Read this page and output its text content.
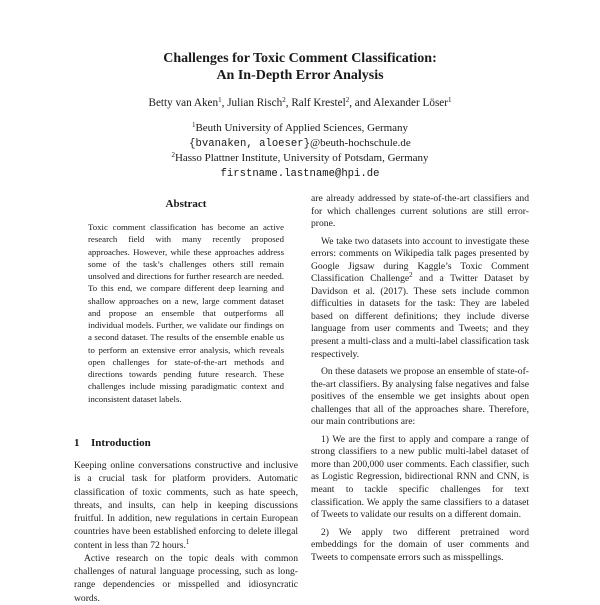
Challenges for Toxic Comment Classification:
An In-Depth Error Analysis
Betty van Aken$^1$, Julian Risch$^2$, Ralf Krestel$^2$, and Alexander Löser$^1$
$^1$Beuth University of Applied Sciences, Germany
{bvanaken, aloeser}@beuth-hochschule.de
$^2$Hasso Plattner Institute, University of Potsdam, Germany
firstname.lastname@hpi.de
Abstract

Toxic comment classification has become an active research field with many recently proposed approaches. However, while these approaches address some of the task’s challenges others still remain unsolved and directions for further research are needed. To this end, we compare different deep learning and shallow approaches on a new, large comment dataset and propose an ensemble that outperforms all individual models. Further, we validate our findings on a second dataset. The results of the ensemble enable us to perform an extensive error analysis, which reveals open challenges for state-of-the-art methods and directions towards pending future research. These challenges include missing paradigmatic context and inconsistent dataset labels.

1 Introduction

Keeping online conversations constructive and inclusive is a crucial task for platform providers. Automatic classification of toxic comments, such as hate speech, threats, and insults, can help in keeping discussions fruitful. In addition, new regulations in certain European countries have been established enforcing to delete illegal content in less than 72 hours.$^1$

Active research on the topic deals with common challenges of natural language processing, such as long-range dependencies or misspelled and idiosyncratic words.

are already addressed by state-of-the-art classifiers and for which challenges current solutions are still error-prone.

We take two datasets into account to investigate these errors: comments on Wikipedia talk pages presented by Google Jigsaw during Kaggle’s Toxic Comment Classification Challenge$^2$ and a Twitter Dataset by Davidson et al. (2017). These sets include common difficulties in datasets for the task: They are labeled based on different definitions; they include diverse language from user comments and Tweets; and they present a multi-class and a multi-label classification task respectively.

On these datasets we propose an ensemble of state-of-the-art classifiers. By analysing false negatives and false positives of the ensemble we get insights about open challenges that all of the approaches share. Therefore, our main contributions are:

1) We are the first to apply and compare a range of strong classifiers to a new public multi-label dataset of more than 200,000 user comments. Each classifier, such as Logistic Regression, bidirectional RNN and CNN, is meant to tackle specific challenges for text classification. We apply the same classifiers to a dataset of Tweets to validate our results on a different domain.

2) We apply two different pretrained word embeddings for the domain of user comments and Tweets to compensate errors such as misspellings.
